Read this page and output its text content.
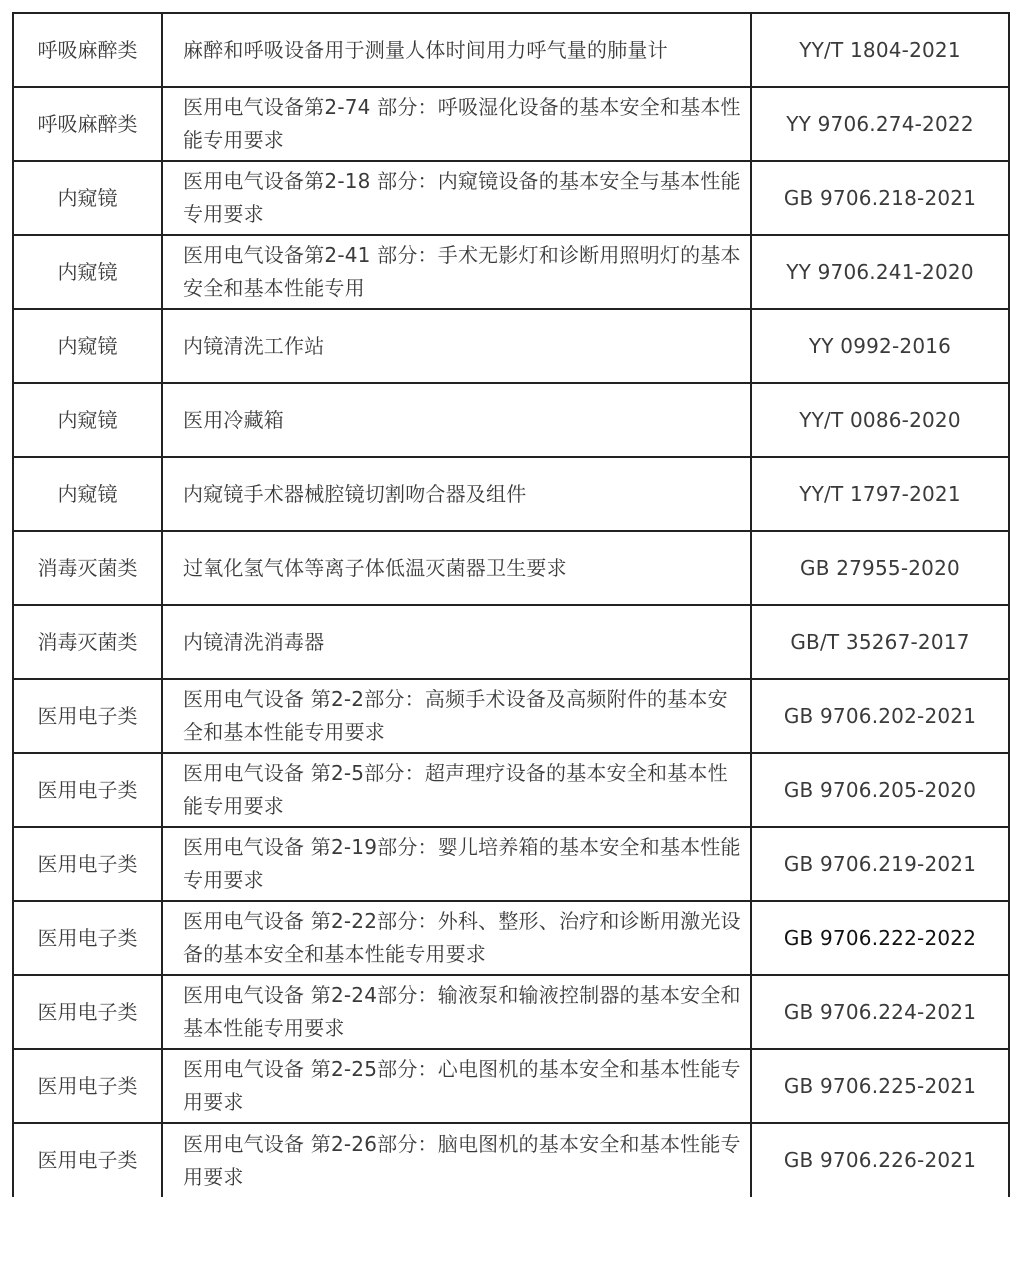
呼吸麻醉类	麻醉和呼吸设备用于测量人体时间用力呼气量的肺量计	YY/T 1804-2021
呼吸麻醉类	医用电气设备第2-74 部分：呼吸湿化设备的基本安全和基本性能专用要求	YY 9706.274-2022
内窥镜	医用电气设备第2-18 部分：内窥镜设备的基本安全与基本性能专用要求	GB 9706.218-2021
内窥镜	医用电气设备第2-41 部分：手术无影灯和诊断用照明灯的基本安全和基本性能专用	YY 9706.241-2020
内窥镜	内镜清洗工作站	YY 0992-2016
内窥镜	医用冷藏箱	YY/T 0086-2020
内窥镜	内窥镜手术器械腔镜切割吻合器及组件	YY/T 1797-2021
消毒灭菌类	过氧化氢气体等离子体低温灭菌器卫生要求	GB 27955-2020
消毒灭菌类	内镜清洗消毒器	GB/T 35267-2017
医用电子类	医用电气设备 第2-2部分：高频手术设备及高频附件的基本安全和基本性能专用要求	GB 9706.202-2021
医用电子类	医用电气设备 第2-5部分：超声理疗设备的基本安全和基本性能专用要求	GB 9706.205-2020
医用电子类	医用电气设备 第2-19部分：婴儿培养箱的基本安全和基本性能专用要求	GB 9706.219-2021
医用电子类	医用电气设备 第2-22部分：外科、整形、治疗和诊断用激光设备的基本安全和基本性能专用要求	GB 9706.222-2022
医用电子类	医用电气设备 第2-24部分：输液泵和输液控制器的基本安全和基本性能专用要求	GB 9706.224-2021
医用电子类	医用电气设备 第2-25部分：心电图机的基本安全和基本性能专用要求	GB 9706.225-2021
医用电子类	医用电气设备 第2-26部分：脑电图机的基本安全和基本性能专用要求	GB 9706.226-2021
